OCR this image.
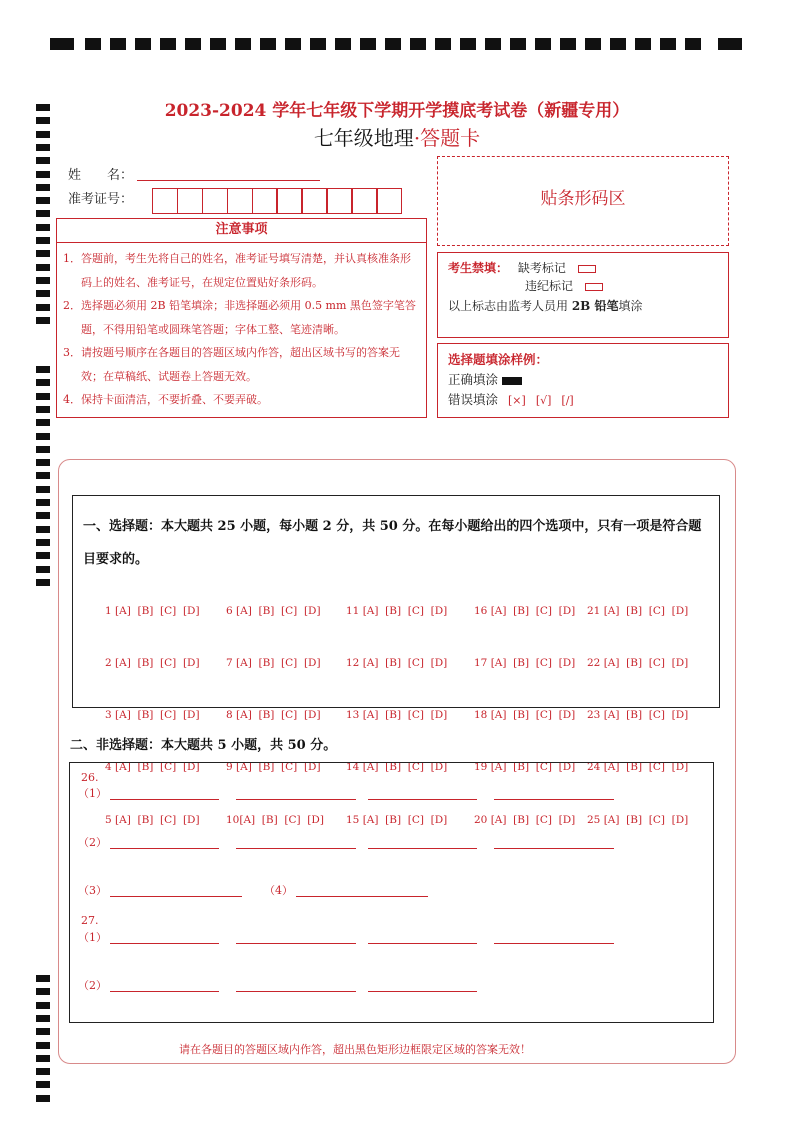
2023-2024 学年七年级下学期开学摸底考试卷（新疆专用）
七年级地理·答题卡
姓　　名：
准考证号：	贴条形码区
注意事项
1．答题前，考生先将自己的姓名，准考证号填写清楚，并认真核准条形码上的姓名、准考证号，在规定位置贴好条形码。
2．选择题必须用 2B 铅笔填涂；非选择题必须用 0.5 mm 黑色签字笔答题，不得用铅笔或圆珠笔答题；字体工整、笔迹清晰。
3．请按题号顺序在各题目的答题区域内作答，超出区域书写的答案无效；在草稿纸、试题卷上答题无效。
4．保持卡面清洁，不要折叠、不要弄破。
考生禁填： 缺考标记
违纪标记
以上标志由监考人员用 2B 铅笔填涂
选择题填涂样例：
正确填涂
错误填涂 [×] [√] [/]
一、选择题：本大题共 25 小题，每小题 2 分，共 50 分。在每小题给出的四个选项中，只有一项是符合题目要求的。

1 [A]  [B]  [C]  [D]

2 [A]  [B]  [C]  [D]

3 [A]  [B]  [C]  [D]

4 [A]  [B]  [C]  [D]

5 [A]  [B]  [C]  [D]

6 [A]  [B]  [C]  [D]

7 [A]  [B]  [C]  [D]

8 [A]  [B]  [C]  [D]

9 [A]  [B]  [C]  [D]

10[A]  [B]  [C]  [D]

11 [A]  [B]  [C]  [D]

12 [A]  [B]  [C]  [D]

13 [A]  [B]  [C]  [D]

14 [A]  [B]  [C]  [D]

15 [A]  [B]  [C]  [D]

16 [A]  [B]  [C]  [D]

17 [A]  [B]  [C]  [D]

18 [A]  [B]  [C]  [D]

19 [A]  [B]  [C]  [D]

20 [A]  [B]  [C]  [D]

21 [A]  [B]  [C]  [D]

22 [A]  [B]  [C]  [D]

23 [A]  [B]  [C]  [D]

24 [A]  [B]  [C]  [D]

25 [A]  [B]  [C]  [D]

二、非选择题：本大题共 5 小题，共 50 分。
26.
（1）
（2）
（3）	（4）
27.
（1）
（2）
请在各题目的答题区域内作答，超出黑色矩形边框限定区域的答案无效！
